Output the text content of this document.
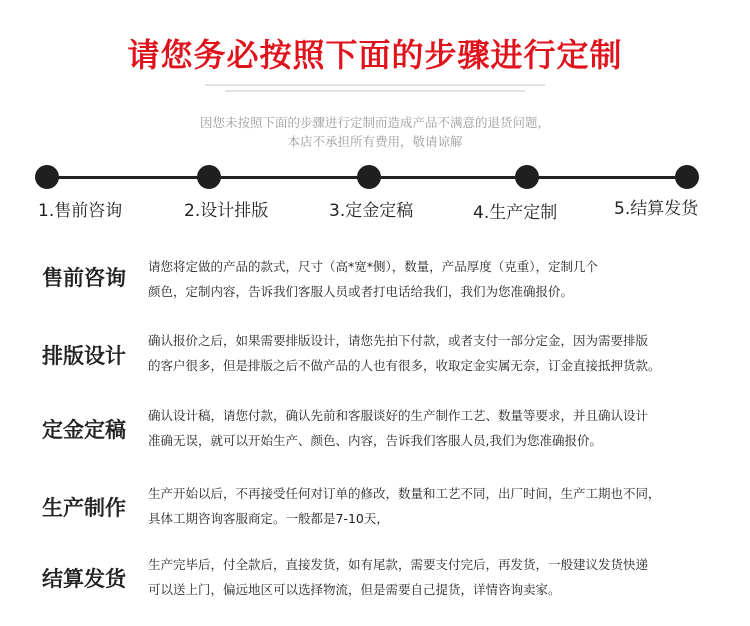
请您务必按照下面的步骤进行定制
因您未按照下面的步骤进行定制而造成产品不满意的退货问题，
本店不承担所有费用，敬请谅解
1.售前咨询	2.设计排版	3.定金定稿	4.生产定制	5.结算发货
售前咨询 请您将定做的产品的款式，尺寸（高*宽*侧），数量，产品厚度（克重），定制几个
颜色，定制内容，告诉我们客服人员或者打电话给我们，我们为您准确报价。
排版设计
确认报价之后，如果需要排版设计，请您先拍下付款，或者支付一部分定金，因为需要排版
的客户很多，但是排版之后不做产品的人也有很多，收取定金实属无奈，订金直接抵押货款。
定金定稿
确认设计稿，请您付款，确认先前和客服谈好的生产制作工艺、数量等要求，并且确认设计
准确无误，就可以开始生产、颜色、内容，告诉我们客服人员,我们为您准确报价。
生产制作
生产开始以后，不再接受任何对订单的修改，数量和工艺不同，出厂时间，生产工期也不同，
具体工期咨询客服商定。一般都是7-10天，
结算发货
生产完毕后，付全款后，直接发货，如有尾款，需要支付完后，再发货，一般建议发货快递
可以送上门，偏远地区可以选择物流，但是需要自己提货，详情咨询卖家。
